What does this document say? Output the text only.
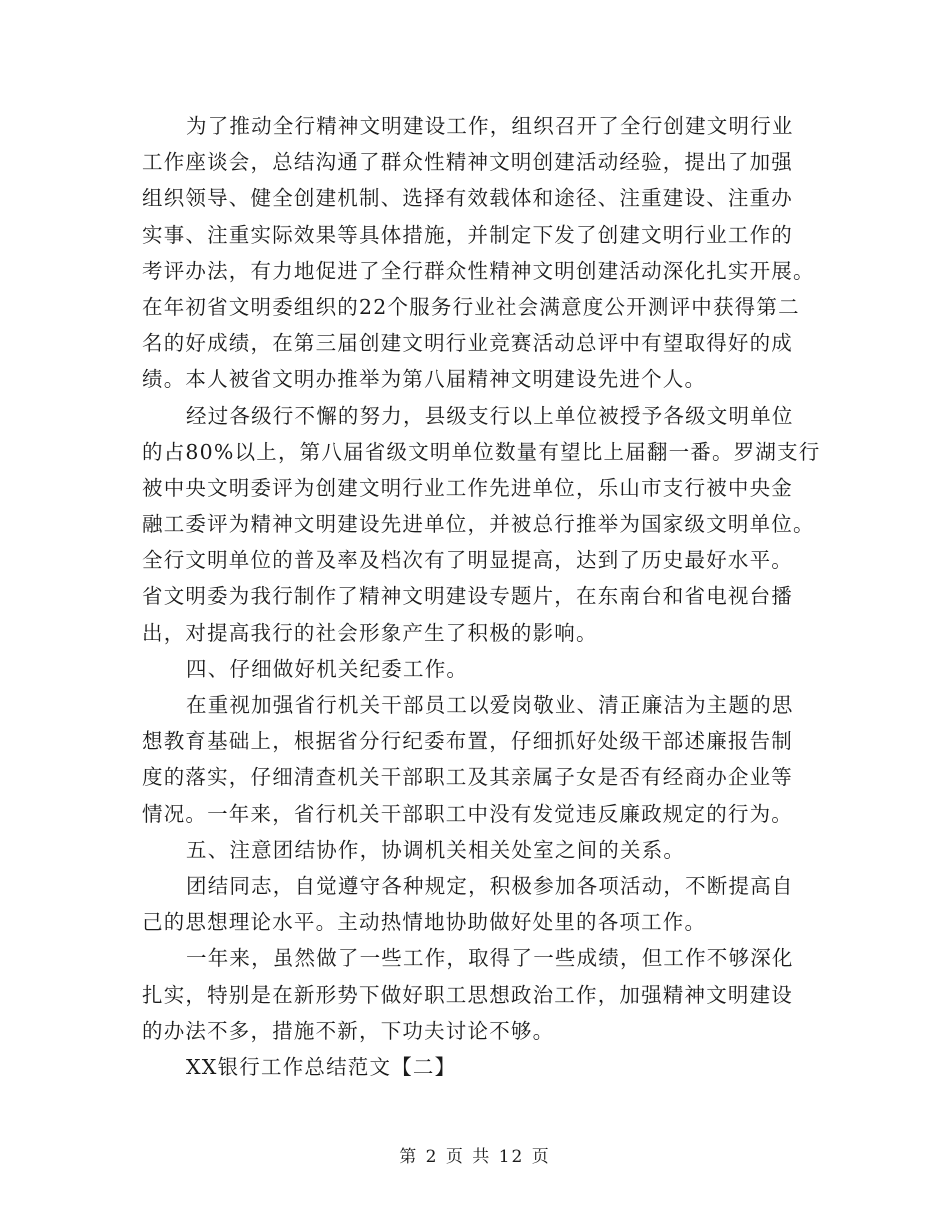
为了推动全行精神文明建设工作，组织召开了全行创建文明行业
工作座谈会，总结沟通了群众性精神文明创建活动经验，提出了加强
组织领导、健全创建机制、选择有效载体和途径、注重建设、注重办
实事、注重实际效果等具体措施，并制定下发了创建文明行业工作的
考评办法，有力地促进了全行群众性精神文明创建活动深化扎实开展。
在年初省文明委组织的22个服务行业社会满意度公开测评中获得第二
名的好成绩，在第三届创建文明行业竞赛活动总评中有望取得好的成
绩。本人被省文明办推举为第八届精神文明建设先进个人。
经过各级行不懈的努力，县级支行以上单位被授予各级文明单位
的占80%以上，第八届省级文明单位数量有望比上届翻一番。罗湖支行
被中央文明委评为创建文明行业工作先进单位，乐山市支行被中央金
融工委评为精神文明建设先进单位，并被总行推举为国家级文明单位。
全行文明单位的普及率及档次有了明显提高，达到了历史最好水平。
省文明委为我行制作了精神文明建设专题片，在东南台和省电视台播
出，对提高我行的社会形象产生了积极的影响。
四、仔细做好机关纪委工作。
在重视加强省行机关干部员工以爱岗敬业、清正廉洁为主题的思
想教育基础上，根据省分行纪委布置，仔细抓好处级干部述廉报告制
度的落实，仔细清查机关干部职工及其亲属子女是否有经商办企业等
情况。一年来，省行机关干部职工中没有发觉违反廉政规定的行为。
五、注意团结协作，协调机关相关处室之间的关系。
团结同志，自觉遵守各种规定，积极参加各项活动，不断提高自
己的思想理论水平。主动热情地协助做好处里的各项工作。
一年来，虽然做了一些工作，取得了一些成绩，但工作不够深化
扎实，特别是在新形势下做好职工思想政治工作，加强精神文明建设
的办法不多，措施不新，下功夫讨论不够。
XX银行工作总结范文【二】
第 2 页 共 12 页
